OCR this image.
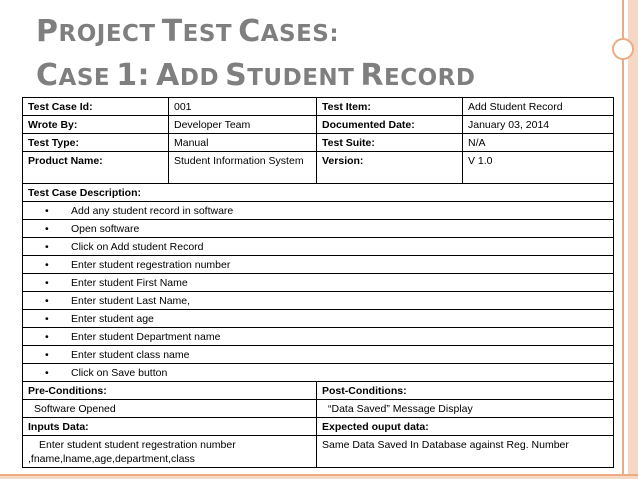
PROJECT TEST CASES:
CASE 1: ADD STUDENT RECORD
Test Case Id:	001	Test Item:	Add Student Record
Wrote By:	Developer Team	Documented Date:	January 03, 2014
Test Type:	Manual	Test Suite:	N/A
Product Name:	Student Information System	Version:	V 1.0
Test Case Description:			
• Add any student record in software			
• Open software			
• Click on Add student Record			
• Enter student regestration number			
• Enter student First Name			
• Enter student Last Name,			
• Enter student age			
• Enter student Department name			
• Enter student class name			
• Click on Save button			
Pre-Conditions:		Post-Conditions:	
Software Opened		“Data Saved” Message Display	
Inputs Data:		Expected ouput data:	

Enter student student regestration number
,fname,lname,age,department,class		Same Data Saved In Database against Reg. Number	
